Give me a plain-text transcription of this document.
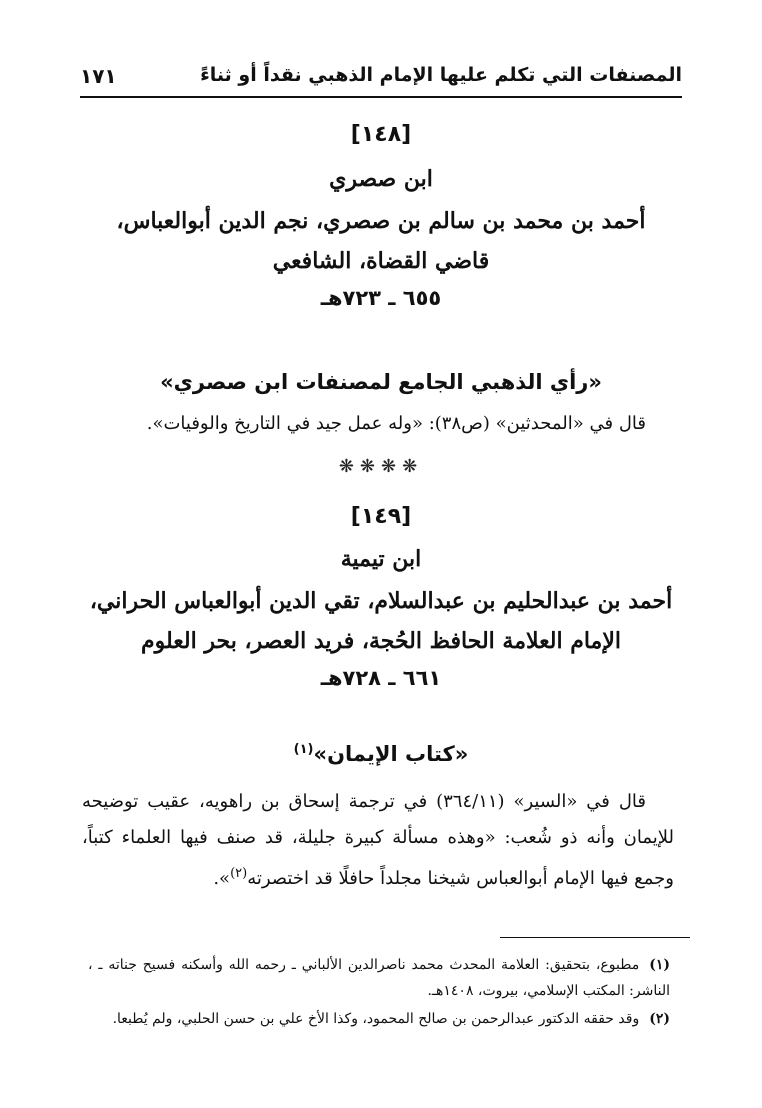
المصنفات التي تكلم عليها الإمام الذهبي نقداً أو ثناءً
١٧١
[١٤٨]
ابن صصري
أحمد بن محمد بن سالم بن صصري، نجم الدين أبوالعباس،
قاضي القضاة، الشافعي
٦٥٥ ـ ٧٢٣هـ
«رأي الذهبي الجامع لمصنفات ابن صصري»
قال في «المحدثين» (ص٣٨): «وله عمل جيد في التاريخ والوفيات».
❋❋❋❋
[١٤٩]
ابن تيمية
أحمد بن عبدالحليم بن عبدالسلام، تقي الدين أبوالعباس الحراني،
الإمام العلامة الحافظ الحُجة، فريد العصر، بحر العلوم
٦٦١ ـ ٧٢٨هـ
«كتاب الإيمان»$^{(١)}$
قال في «السير» (٣٦٤/١١) في ترجمة إسحاق بن راهويه، عقيب توضيحه للإيمان وأنه ذو شُعب: «وهذه مسألة كبيرة جليلة، قد صنف فيها العلماء كتباً، وجمع فيها الإمام أبوالعباس شيخنا مجلداً حافلًا قد اختصرته$^{(٢)}$».
(١)مطبوع، بتحقيق: العلامة المحدث محمد ناصرالدين الألباني ـ رحمه الله وأسكنه فسيح جناته ـ ، الناشر: المكتب الإسلامي، بيروت، ١٤٠٨هـ.
(٢)وقد حققه الدكتور عبدالرحمن بن صالح المحمود، وكذا الأخ علي بن حسن الحلبي، ولم يُطبعا.
